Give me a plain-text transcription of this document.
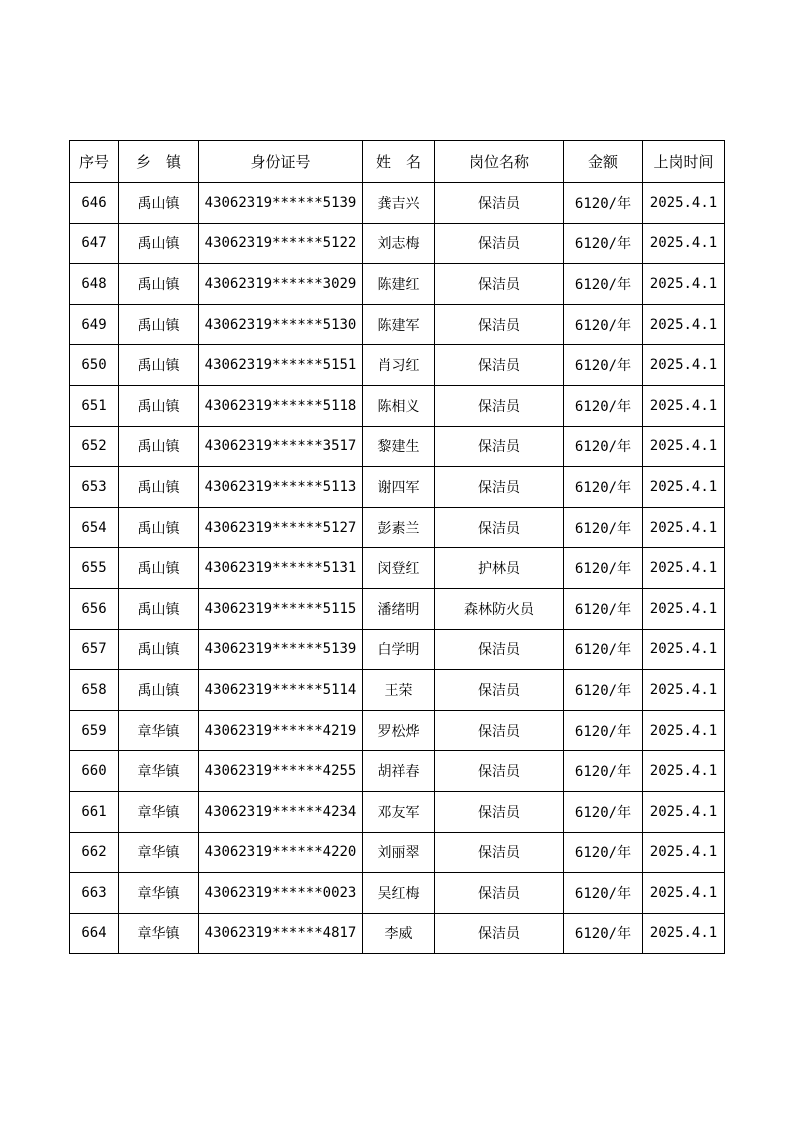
序号	乡　镇	身份证号	姓　名	岗位名称	金额	上岗时间
646	禹山镇	43062319******5139	龚吉兴	保洁员	6120/年	2025.4.1
647	禹山镇	43062319******5122	刘志梅	保洁员	6120/年	2025.4.1
648	禹山镇	43062319******3029	陈建红	保洁员	6120/年	2025.4.1
649	禹山镇	43062319******5130	陈建军	保洁员	6120/年	2025.4.1
650	禹山镇	43062319******5151	肖习红	保洁员	6120/年	2025.4.1
651	禹山镇	43062319******5118	陈相义	保洁员	6120/年	2025.4.1
652	禹山镇	43062319******3517	黎建生	保洁员	6120/年	2025.4.1
653	禹山镇	43062319******5113	谢四军	保洁员	6120/年	2025.4.1
654	禹山镇	43062319******5127	彭素兰	保洁员	6120/年	2025.4.1
655	禹山镇	43062319******5131	闵登红	护林员	6120/年	2025.4.1
656	禹山镇	43062319******5115	潘绪明	森林防火员	6120/年	2025.4.1
657	禹山镇	43062319******5139	白学明	保洁员	6120/年	2025.4.1
658	禹山镇	43062319******5114	王荣	保洁员	6120/年	2025.4.1
659	章华镇	43062319******4219	罗松烨	保洁员	6120/年	2025.4.1
660	章华镇	43062319******4255	胡祥春	保洁员	6120/年	2025.4.1
661	章华镇	43062319******4234	邓友军	保洁员	6120/年	2025.4.1
662	章华镇	43062319******4220	刘丽翠	保洁员	6120/年	2025.4.1
663	章华镇	43062319******0023	吴红梅	保洁员	6120/年	2025.4.1
664	章华镇	43062319******4817	李威	保洁员	6120/年	2025.4.1
